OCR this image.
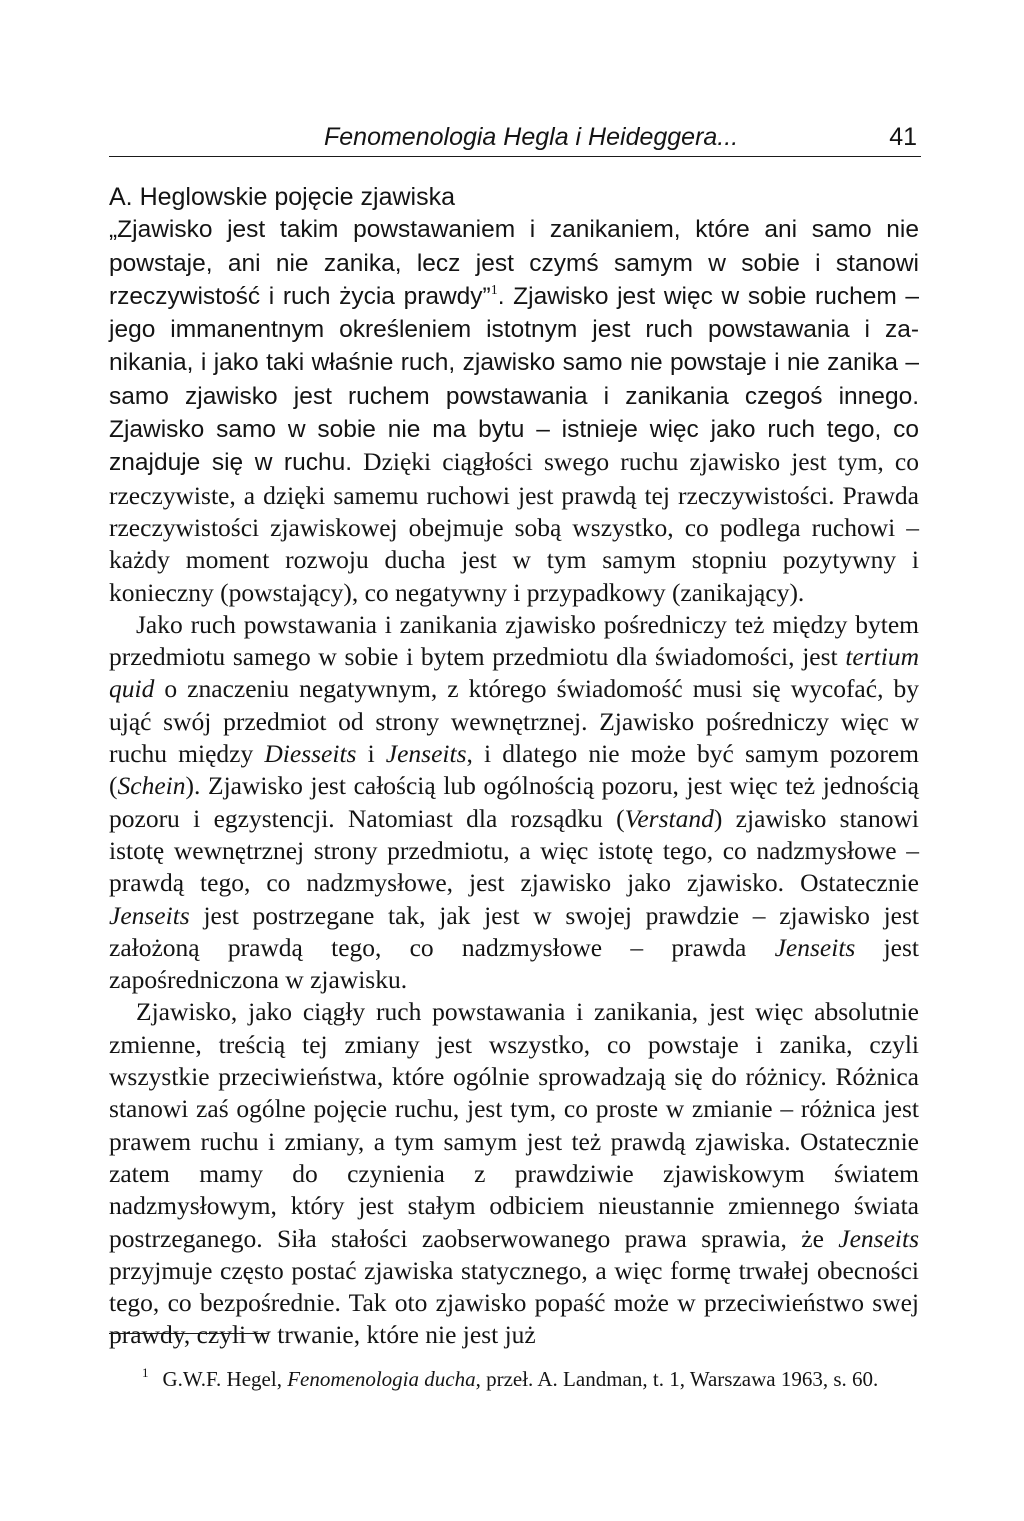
Fenomenologia Hegla i Heideggera...	41
A. Heglowskie pojęcie zjawiska

„Zjawisko jest takim powstawaniem i zanikaniem, które ani samo nie powstaje, ani nie zanika, lecz jest czymś samym w sobie i stanowi rzeczywistość i ruch życia prawdy”$^1$. Zjawisko jest więc w sobie ruchem – jego immanentnym określeniem istotnym jest ruch powstawania i zanikania, i jako taki właśnie ruch, zjawisko samo nie powstaje i nie zanika – samo zjawisko jest ruchem powstawania i zanikania czegoś innego. Zjawisko samo w sobie nie ma bytu – istnieje więc jako ruch tego, co znajduje się w ruchu. Dzięki ciągłości swego ruchu zjawisko jest tym, co rzeczywiste, a dzięki samemu ruchowi jest prawdą tej rzeczywistości. Prawda rzeczywistości zjawiskowej obejmuje sobą wszystko, co podlega ruchowi – każdy moment rozwoju ducha jest w tym samym stopniu pozytywny i konieczny (powstający), co negatywny i przypadkowy (zanikający).

Jako ruch powstawania i zanikania zjawisko pośredniczy też między bytem przedmiotu samego w sobie i bytem przedmiotu dla świadomości, jest tertium quid o znaczeniu negatywnym, z którego świadomość musi się wycofać, by ująć swój przedmiot od strony wewnętrznej. Zjawisko pośredniczy więc w ruchu między Diesseits i Jenseits, i dlatego nie może być samym pozorem (Schein). Zjawisko jest całością lub ogólnością pozoru, jest więc też jednością pozoru i egzystencji. Natomiast dla rozsądku (Verstand) zjawisko stanowi istotę wewnętrznej strony przedmiotu, a więc istotę tego, co nadzmysłowe – prawdą tego, co nadzmysłowe, jest zjawisko jako zjawisko. Ostatecznie Jenseits jest postrzegane tak, jak jest w swojej prawdzie – zjawisko jest założoną prawdą tego, co nadzmysłowe – prawda Jenseits jest zapośredniczona w zjawisku.

Zjawisko, jako ciągły ruch powstawania i zanikania, jest więc absolutnie zmienne, treścią tej zmiany jest wszystko, co powstaje i zanika, czyli wszystkie przeciwieństwa, które ogólnie sprowadzają się do różnicy. Różnica stanowi zaś ogólne pojęcie ruchu, jest tym, co proste w zmianie – różnica jest prawem ruchu i zmiany, a tym samym jest też prawdą zjawiska. Ostatecznie zatem mamy do czynienia z prawdziwie zjawiskowym światem nadzmysłowym, który jest stałym odbiciem nieustannie zmiennego świata postrzeganego. Siła stałości zaobserwowanego prawa sprawia, że Jenseits przyjmuje często postać zjawiska statycznego, a więc formę trwałej obecności tego, co bezpośrednie. Tak oto zjawisko popaść może w przeciwieństwo swej prawdy, czyli w trwanie, które nie jest już

$^1$ G.W.F. Hegel, Fenomenologia ducha, przeł. A. Landman, t. 1, Warszawa 1963, s. 60.
